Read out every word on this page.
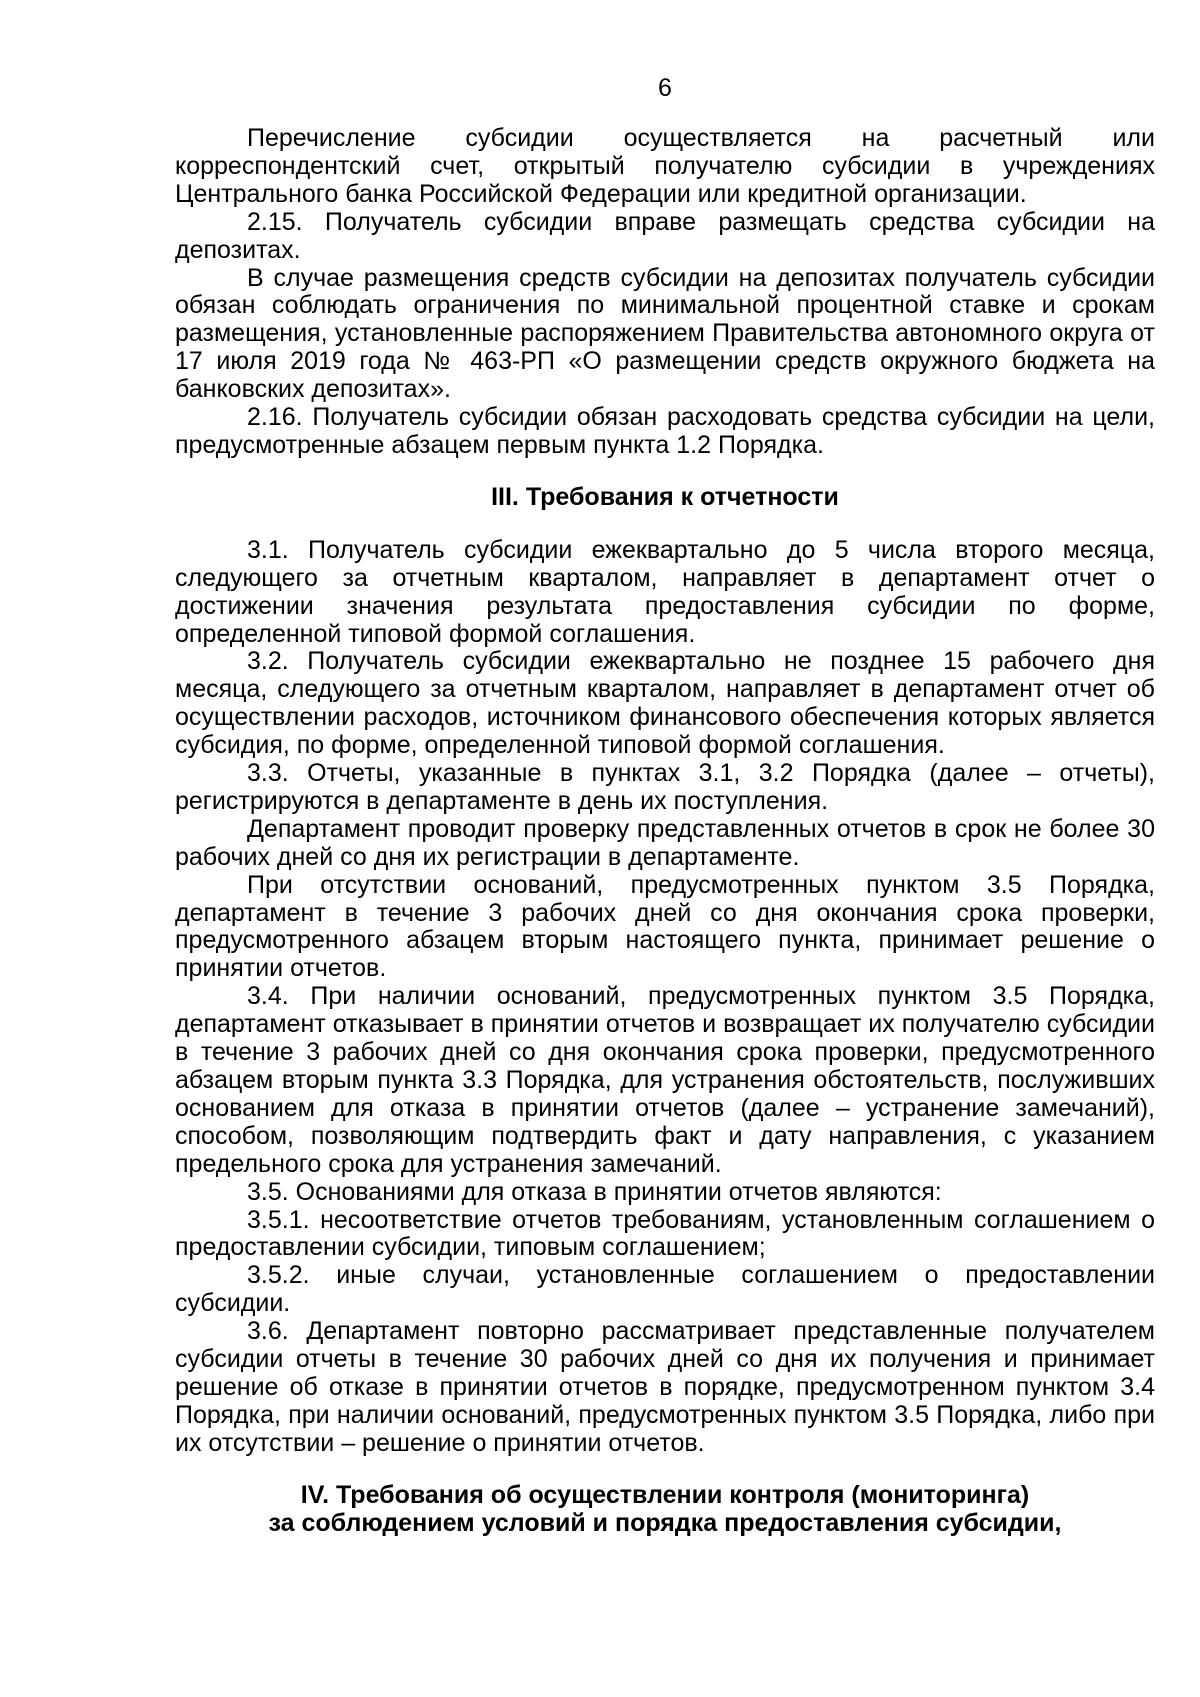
6

Перечисление субсидии осуществляется на расчетный или корреспондентский счет, открытый получателю субсидии в учреждениях Центрального банка Российской Федерации или кредитной организации.

2.15. Получатель субсидии вправе размещать средства субсидии на депозитах.

В случае размещения средств субсидии на депозитах получатель субсидии обязан соблюдать ограничения по минимальной процентной ставке и срокам размещения, установленные распоряжением Правительства автономного округа от 17 июля 2019 года № 463-РП «О размещении средств окружного бюджета на банковских депозитах».

2.16. Получатель субсидии обязан расходовать средства субсидии на цели, предусмотренные абзацем первым пункта 1.2 Порядка.

III. Требования к отчетности

3.1. Получатель субсидии ежеквартально до 5 числа второго месяца, следующего за отчетным кварталом, направляет в департамент отчет о достижении значения результата предоставления субсидии по форме, определенной типовой формой соглашения.

3.2. Получатель субсидии ежеквартально не позднее 15 рабочего дня месяца, следующего за отчетным кварталом, направляет в департамент отчет об осуществлении расходов, источником финансового обеспечения которых является субсидия, по форме, определенной типовой формой соглашения.

3.3. Отчеты, указанные в пунктах 3.1, 3.2 Порядка (далее – отчеты), регистрируются в департаменте в день их поступления.

Департамент проводит проверку представленных отчетов в срок не более 30 рабочих дней со дня их регистрации в департаменте.

При отсутствии оснований, предусмотренных пунктом 3.5 Порядка, департамент в течение 3 рабочих дней со дня окончания срока проверки, предусмотренного абзацем вторым настоящего пункта, принимает решение о принятии отчетов.

3.4. При наличии оснований, предусмотренных пунктом 3.5 Порядка, департамент отказывает в принятии отчетов и возвращает их получателю субсидии в течение 3 рабочих дней со дня окончания срока проверки, предусмотренного абзацем вторым пункта 3.3 Порядка, для устранения обстоятельств, послуживших основанием для отказа в принятии отчетов (далее – устранение замечаний), способом, позволяющим подтвердить факт и дату направления, с указанием предельного срока для устранения замечаний.

3.5. Основаниями для отказа в принятии отчетов являются:

3.5.1. несоответствие отчетов требованиям, установленным соглашением о предоставлении субсидии, типовым соглашением;

3.5.2. иные случаи, установленные соглашением о предоставлении субсидии.

3.6. Департамент повторно рассматривает представленные получателем субсидии отчеты в течение 30 рабочих дней со дня их получения и принимает решение об отказе в принятии отчетов в порядке, предусмотренном пунктом 3.4 Порядка, при наличии оснований, предусмотренных пунктом 3.5 Порядка, либо при их отсутствии – решение о принятии отчетов.

IV. Требования об осуществлении контроля (мониторинга)
за соблюдением условий и порядка предоставления субсидии,
